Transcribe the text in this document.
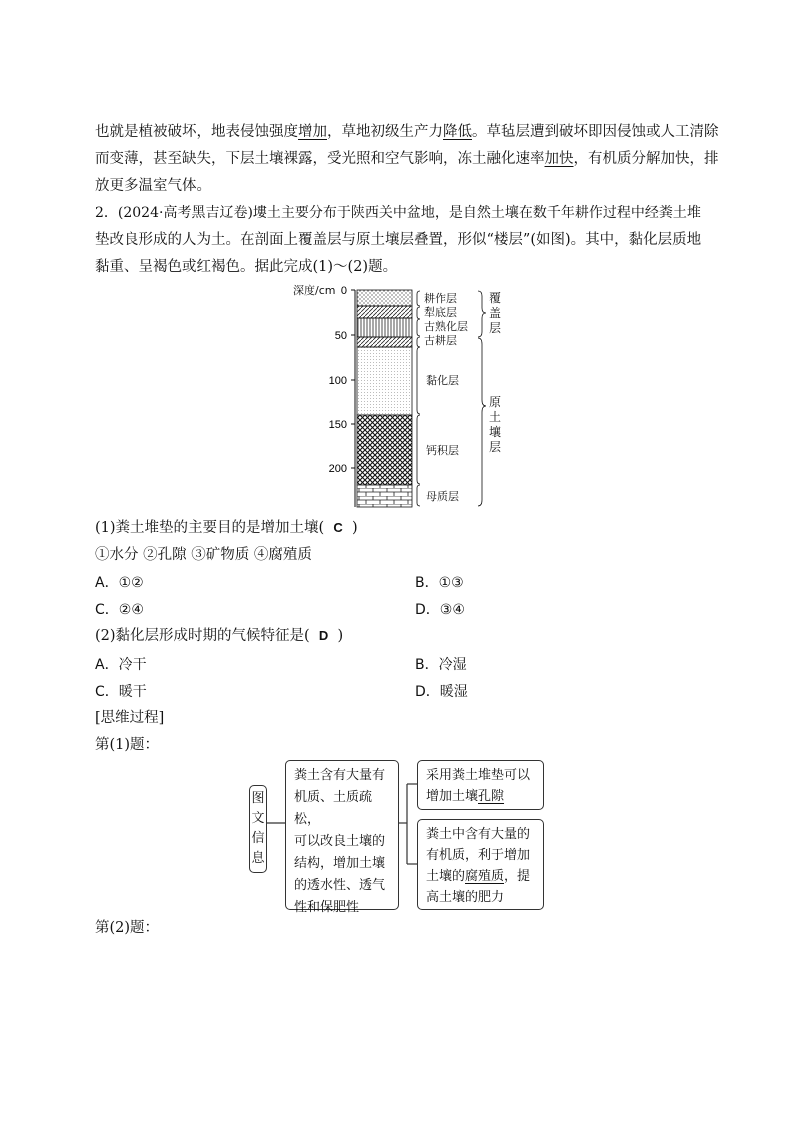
也就是植被破坏，地表侵蚀强度增加，草地初级生产力降低。草毡层遭到破坏即因侵蚀或人工清除
而变薄，甚至缺失，下层土壤裸露，受光照和空气影响，冻土融化速率加快，有机质分解加快，排
放更多温室气体。
2．(2024·高考黑吉辽卷)塿土主要分布于陕西关中盆地，是自然土壤在数千年耕作过程中经粪土堆
垫改良形成的人为土。在剖面上覆盖层与原土壤层叠置，形似“楼层”(如图)。其中，黏化层质地
黏重、呈褐色或红褐色。据此完成(1)～(2)题。
深度/cm 0
50
100
150
200
耕作层
犁底层
古熟化层
古耕层
黏化层
钙积层
母质层
覆
盖
层
原
土
壤
层
(1)粪土堆垫的主要目的是增加土壤( C )
①水分 ②孔隙 ③矿物质 ④腐殖质
A．①②	B．①③
C．②④	D．③④
(2)黏化层形成时期的气候特征是( D )
A．冷干	B．冷湿
C．暖干	D．暖湿
[思维过程]
第(1)题：
图
文
信
息
粪土含有大量有
机质、土质疏松，
可以改良土壤的
结构，增加土壤
的透水性、透气
性和保肥性
采用粪土堆垫可以
增加土壤孔隙
粪土中含有大量的
有机质，利于增加
土壤的腐殖质，提
高土壤的肥力
第(2)题：
